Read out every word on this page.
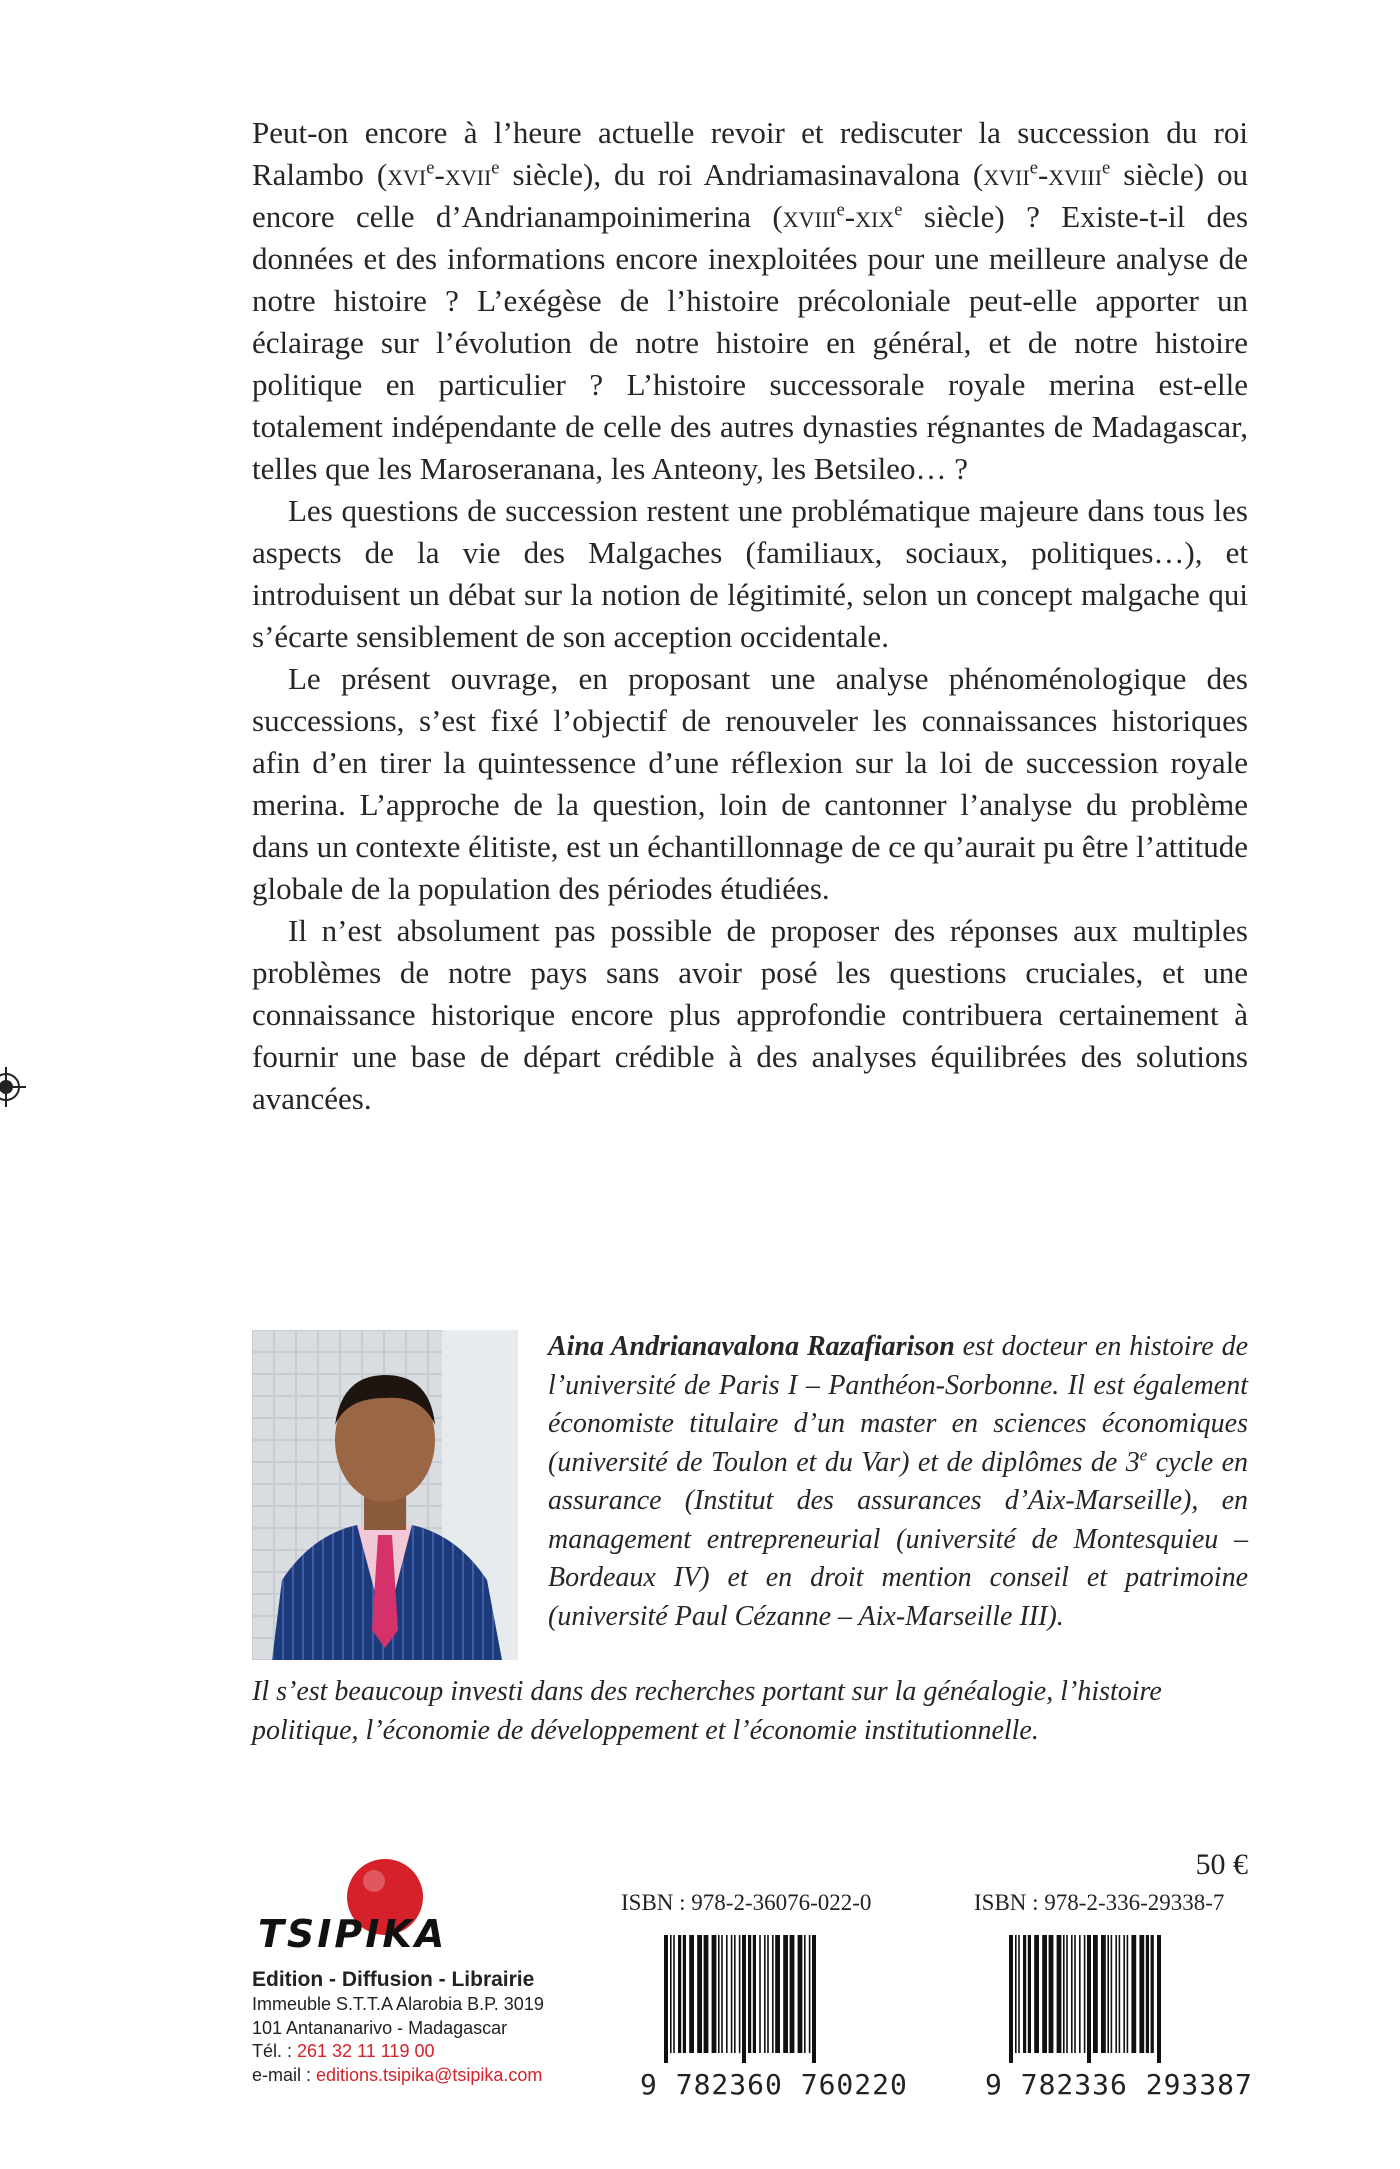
Peut-on encore à l’heure actuelle revoir et rediscuter la succession du roi Ralambo (xvi$^e$-xvii$^e$ siècle), du roi Andriamasinavalona (xvii$^e$-xviii$^e$ siècle) ou encore celle d’Andrianampoinimerina (xviii$^e$-xix$^e$ siècle) ? Existe-t-il des données et des informations encore inexploitées pour une meilleure analyse de notre histoire ? L’exégèse de l’histoire précoloniale peut-elle apporter un éclairage sur l’évolution de notre histoire en général, et de notre histoire politique en particulier ? L’histoire successorale royale merina est-elle totalement indépendante de celle des autres dynasties régnantes de Madagascar, telles que les Maroseranana, les Anteony, les Betsileo… ?

Les questions de succession restent une problématique majeure dans tous les aspects de la vie des Malgaches (familiaux, sociaux, politiques…), et introduisent un débat sur la notion de légitimité, selon un concept malgache qui s’écarte sensiblement de son acception occidentale.

Le présent ouvrage, en proposant une analyse phénoménologique des successions, s’est fixé l’objectif de renouveler les connaissances historiques afin d’en tirer la quintessence d’une réflexion sur la loi de succession royale merina. L’approche de la question, loin de cantonner l’analyse du problème dans un contexte élitiste, est un échantillonnage de ce qu’aurait pu être l’attitude globale de la population des périodes étudiées.

Il n’est absolument pas possible de proposer des réponses aux multiples problèmes de notre pays sans avoir posé les questions cruciales, et une connaissance historique encore plus approfondie contribuera certainement à fournir une base de départ crédible à des analyses équilibrées des solutions avancées.

Aina Andrianavalona Razafiarison est docteur en histoire de l’université de Paris I – Panthéon-Sorbonne. Il est également économiste titulaire d’un master en sciences économiques (université de Toulon et du Var) et de diplômes de 3e cycle en assurance (Institut des assurances d’Aix-Marseille), en management entrepreneurial (université de Montesquieu – Bordeaux IV) et en droit mention conseil et patrimoine (université Paul Cézanne – Aix-Marseille III).

Il s’est beaucoup investi dans des recherches portant sur la généalogie, l’histoire politique, l’économie de développement et l’économie institutionnelle.

TSIPIKA
Edition - Diffusion - Librairie
Immeuble S.T.T.A Alarobia B.P. 3019
101 Antananarivo - Madagascar
Tél. : 261 32 11 119 00
e-mail : editions.tsipika@tsipika.com
50 €
ISBN : 978-2-36076-022-0
9 782360 760220
ISBN : 978-2-336-29338-7
9 782336 293387
